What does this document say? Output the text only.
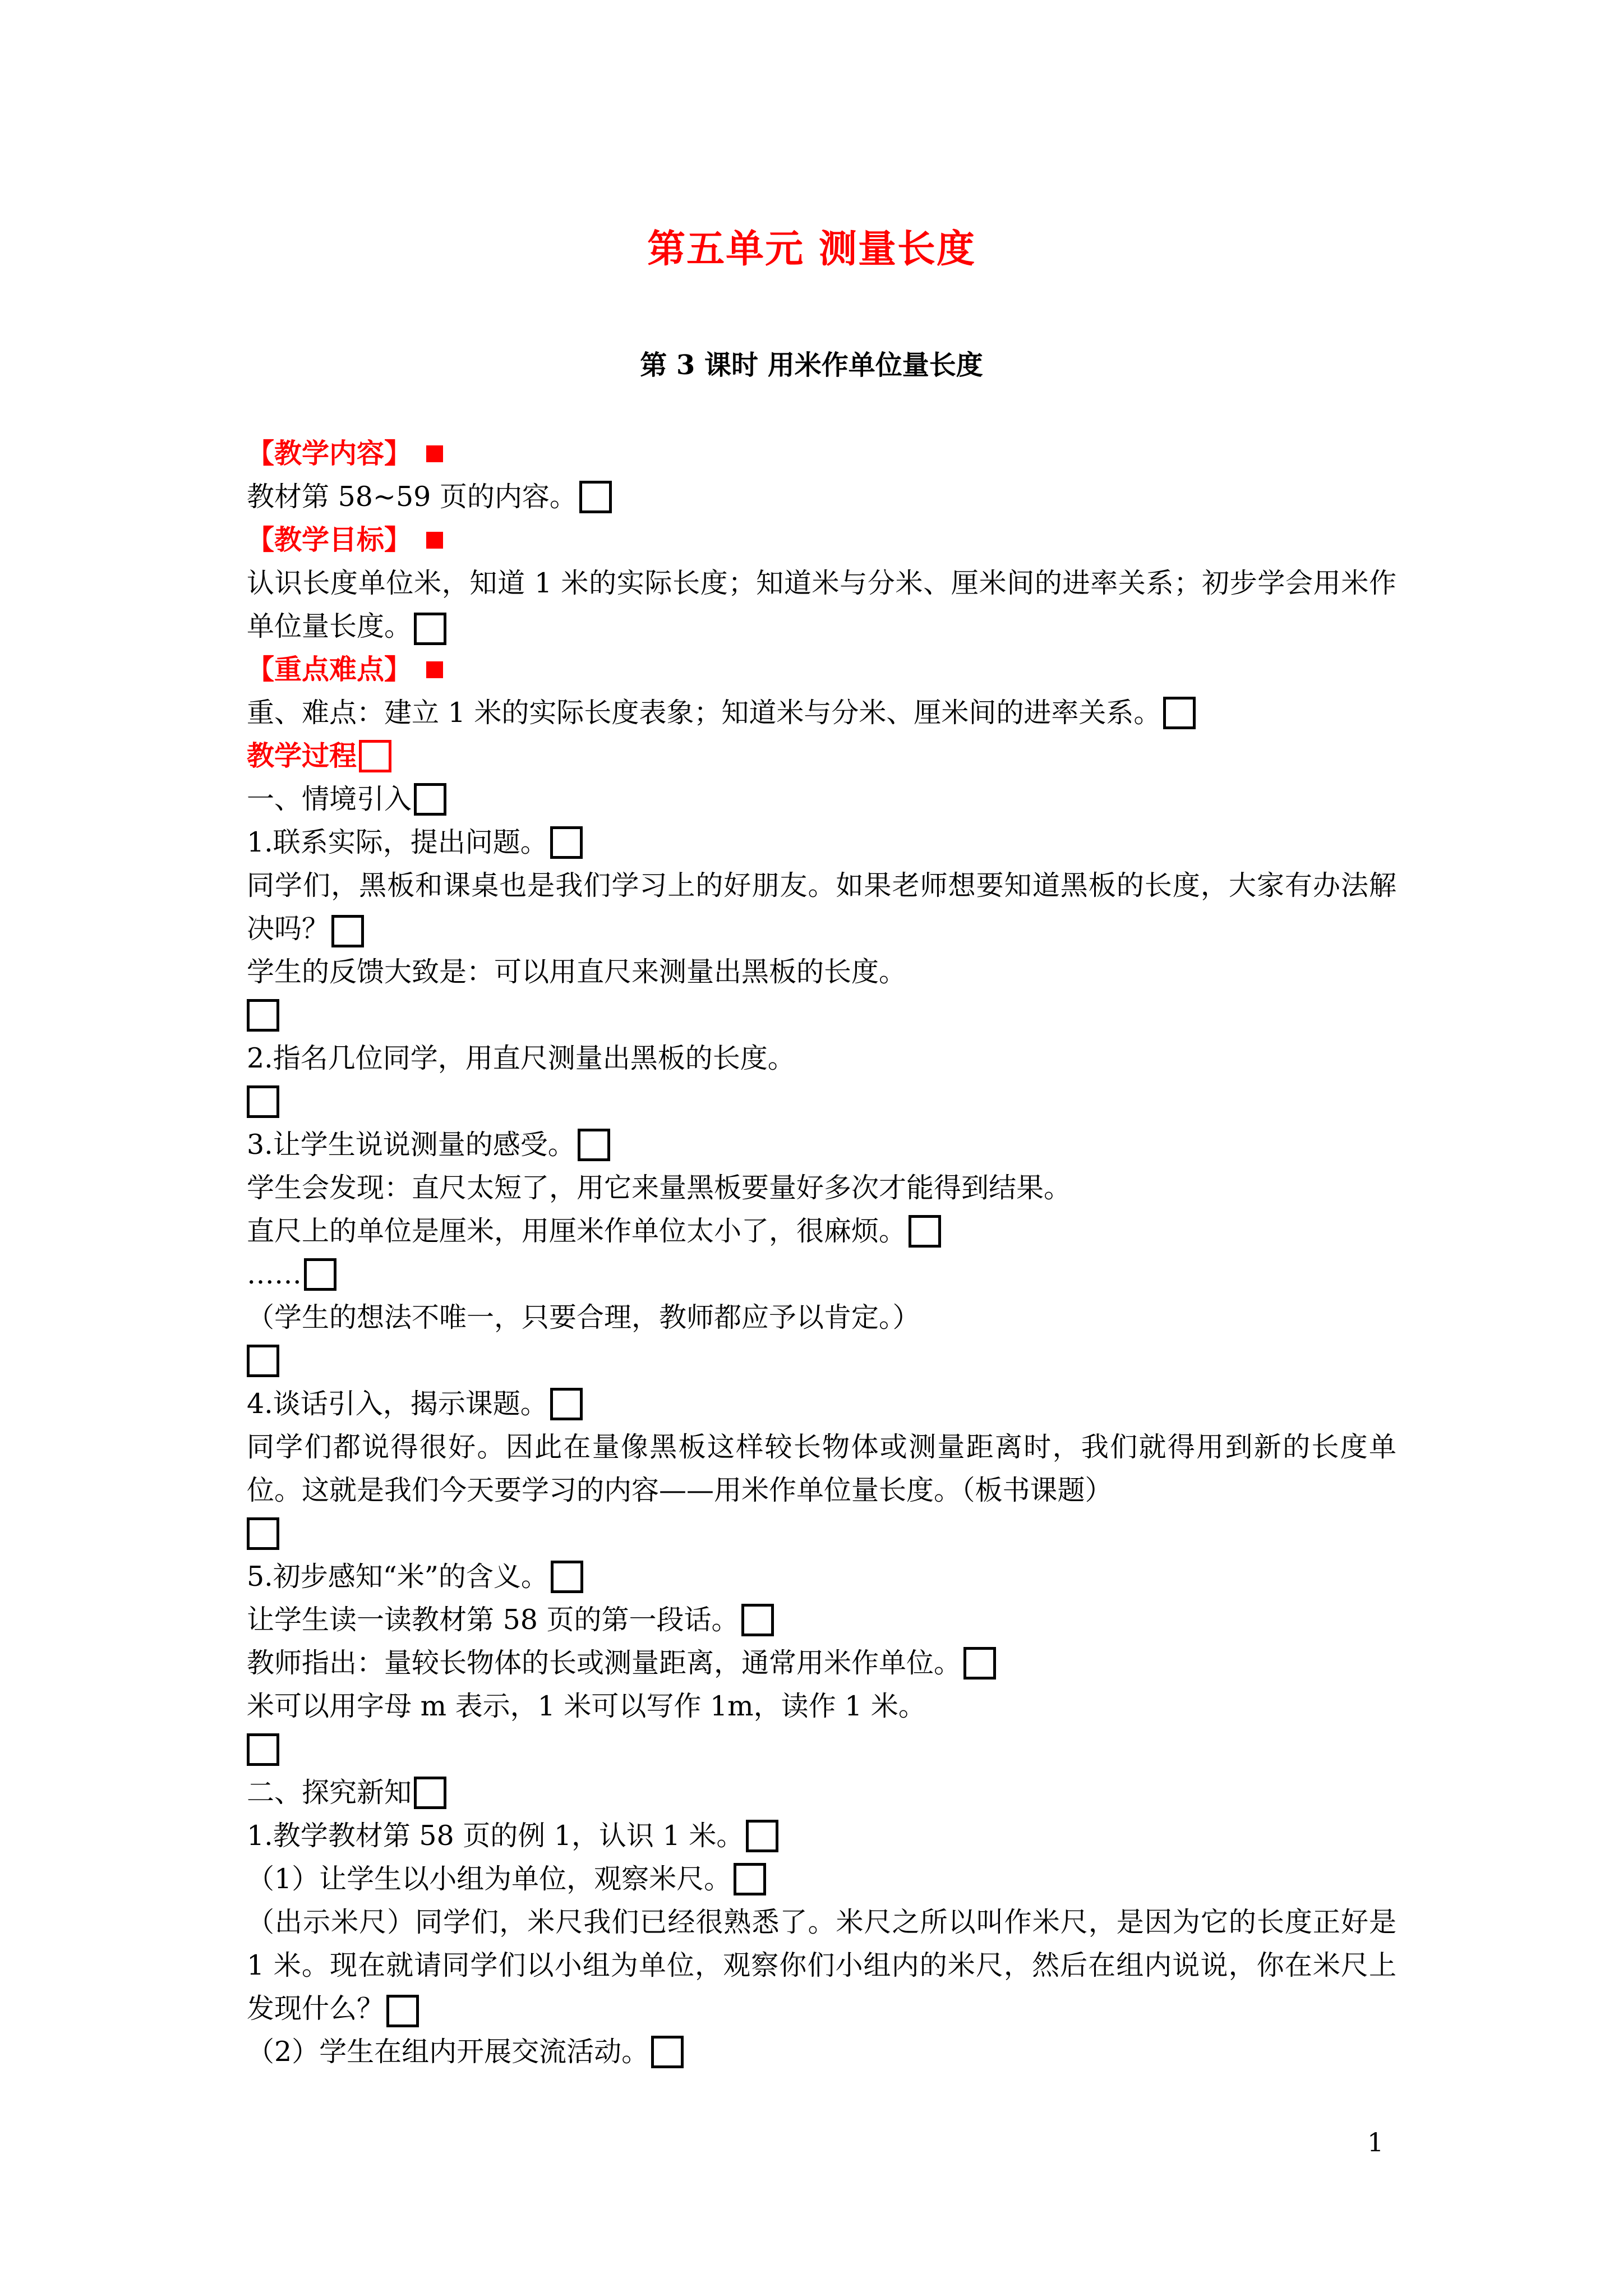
第五单元 测量长度
第 3 课时 用米作单位量长度
【教学内容】
教材第 58~59 页的内容。
【教学目标】
认识长度单位米，知道 1 米的实际长度；知道米与分米、厘米间的进率关系；初步学会用米作单位量长度。
【重点难点】
重、难点：建立 1 米的实际长度表象；知道米与分米、厘米间的进率关系。
教学过程
一、情境引入
1.联系实际，提出问题。
同学们，黑板和课桌也是我们学习上的好朋友。如果老师想要知道黑板的长度，大家有办法解决吗？
学生的反馈大致是：可以用直尺来测量出黑板的长度。
2.指名几位同学，用直尺测量出黑板的长度。
3.让学生说说测量的感受。
学生会发现：直尺太短了，用它来量黑板要量好多次才能得到结果。
直尺上的单位是厘米，用厘米作单位太小了，很麻烦。
……
（学生的想法不唯一，只要合理，教师都应予以肯定。）
4.谈话引入，揭示课题。
同学们都说得很好。因此在量像黑板这样较长物体或测量距离时，我们就得用到新的长度单位。这就是我们今天要学习的内容——用米作单位量长度。（板书课题）
5.初步感知“米”的含义。
让学生读一读教材第 58 页的第一段话。
教师指出：量较长物体的长或测量距离，通常用米作单位。
米可以用字母 m 表示，1 米可以写作 1m，读作 1 米。
二、探究新知
1.教学教材第 58 页的例 1，认识 1 米。
（1）让学生以小组为单位，观察米尺。
（出示米尺）同学们，米尺我们已经很熟悉了。米尺之所以叫作米尺，是因为它的长度正好是 1 米。现在就请同学们以小组为单位，观察你们小组内的米尺，然后在组内说说，你在米尺上发现什么？
（2）学生在组内开展交流活动。
1
